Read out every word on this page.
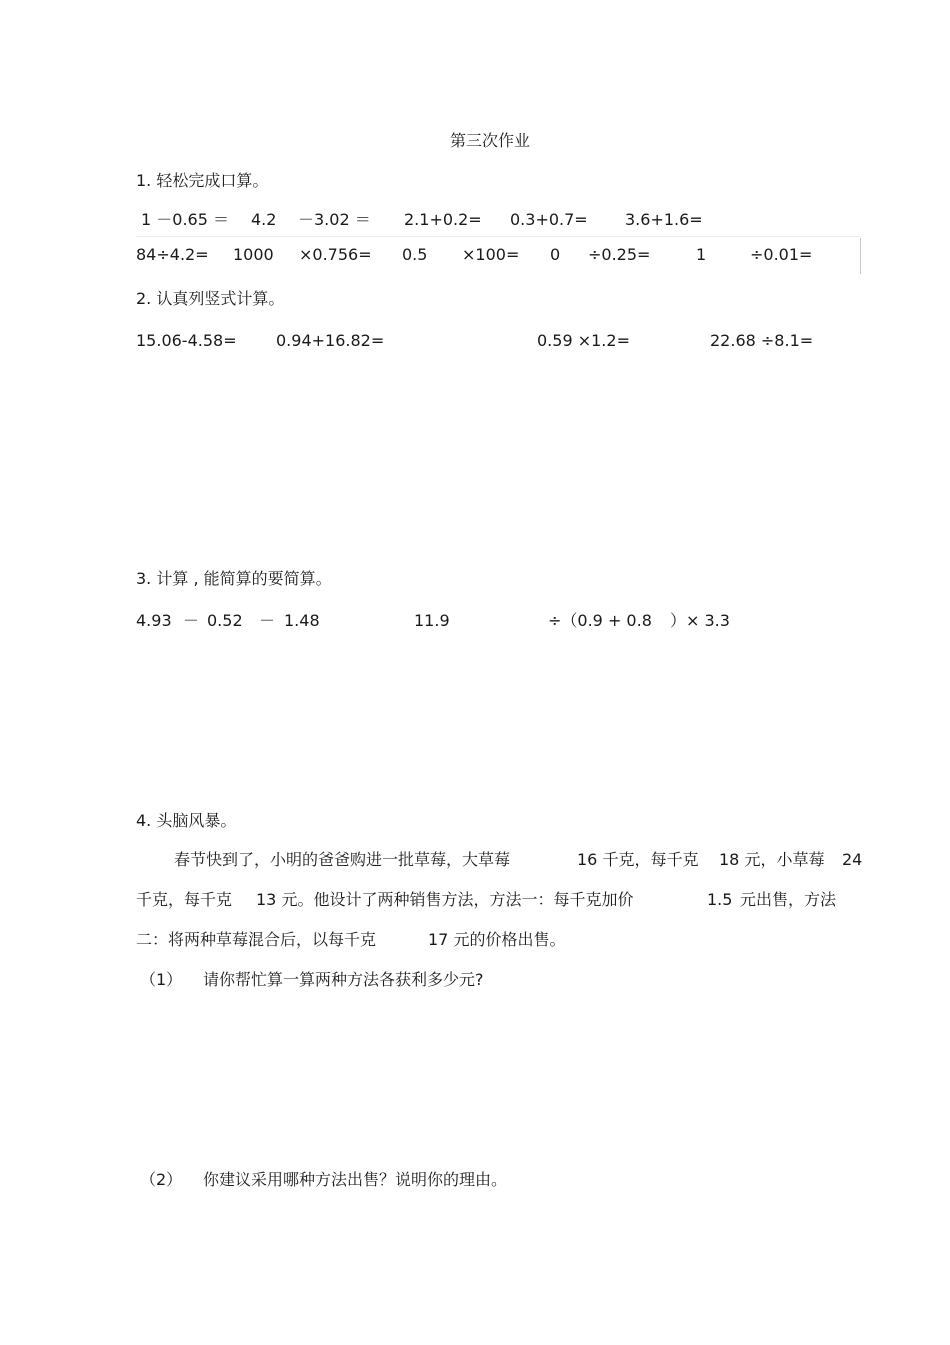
第三次作业
1. 轻松完成口算。
1 －0.65 ＝ 4.2 －3.02 ＝ 2.1+0.2= 0.3+0.7= 3.6+1.6=
84÷4.2= 1000 ×0.756= 0.5 ×100= 0 ÷0.25=	1	÷0.01=
2. 认真列竖式计算。
15.06-4.58= 0.94+16.82=	0.59 ×1.2=	22.68 ÷8.1=
3. 计算 , 能简算的要简算。
4.93 － 0.52 － 1.48	11.9	÷（0.9 + 0.8 ）× 3.3
4. 头脑风暴。
春节快到了，小明的爸爸购进一批草莓，大草莓	16 千克，每千克 18 元，小草莓 24
千克，每千克 13 元。他设计了两种销售方法，方法一：每千克加价	1.5 元出售，方法
二：将两种草莓混合后，以每千克	17 元的价格出售。
（1） 请你帮忙算一算两种方法各获利多少元?
（2） 你建议采用哪种方法出售？说明你的理由。
